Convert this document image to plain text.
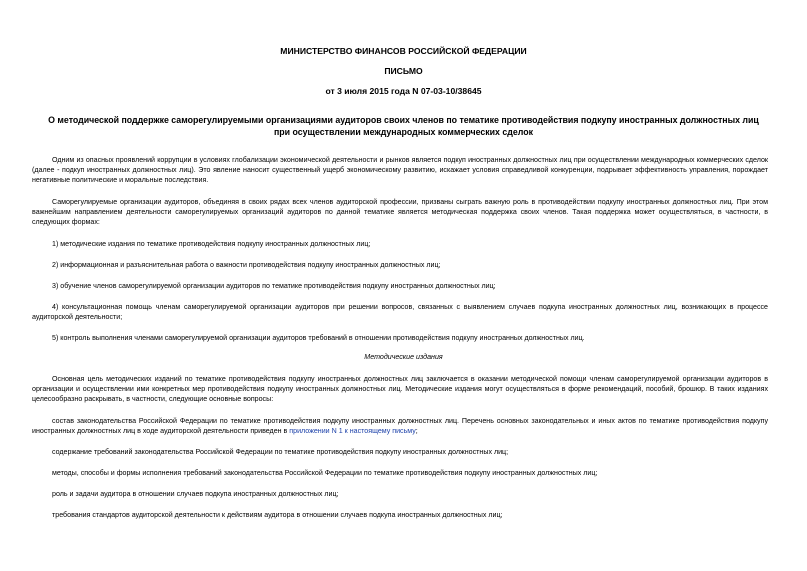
МИНИСТЕРСТВО ФИНАНСОВ РОССИЙСКОЙ ФЕДЕРАЦИИ

ПИСЬМО

от 3 июля 2015 года N 07-03-10/38645

О методической поддержке саморегулируемыми организациями аудиторов своих членов по тематике противодействия подкупу иностранных должностных лиц
при осуществлении международных коммерческих сделок

Одним из опасных проявлений коррупции в условиях глобализации экономической деятельности и рынков является подкуп иностранных должностных лиц при осуществлении международных коммерческих сделок (далее - подкуп иностранных должностных лиц). Это явление наносит существенный ущерб экономическому развитию, искажает условия справедливой конкуренции, подрывает эффективность управления, порождает негативные политические и моральные последствия.

Саморегулируемые организации аудиторов, объединяя в своих рядах всех членов аудиторской профессии, призваны сыграть важную роль в противодействии подкупу иностранных должностных лиц. При этом важнейшим направлением деятельности саморегулируемых организаций аудиторов по данной тематике является методическая поддержка своих членов. Такая поддержка может осуществляться, в частности, в следующих формах:

1) методические издания по тематике противодействия подкупу иностранных должностных лиц;

2) информационная и разъяснительная работа о важности противодействия подкупу иностранных должностных лиц;

3) обучение членов саморегулируемой организации аудиторов по тематике противодействия подкупу иностранных должностных лиц;

4) консультационная помощь членам саморегулируемой организации аудиторов при решении вопросов, связанных с выявлением случаев подкупа иностранных должностных лиц, возникающих в процессе аудиторской деятельности;

5) контроль выполнения членами саморегулируемой организации аудиторов требований в отношении противодействия подкупу иностранных должностных лиц.

Методические издания

Основная цель методических изданий по тематике противодействия подкупу иностранных должностных лиц заключается в оказании методической помощи членам саморегулируемой организации аудиторов в организации и осуществлении ими конкретных мер противодействия подкупу иностранных должностных лиц. Методические издания могут осуществляться в форме рекомендаций, пособий, брошюр. В таких изданиях целесообразно раскрывать, в частности, следующие основные вопросы:

состав законодательства Российской Федерации по тематике противодействия подкупу иностранных должностных лиц. Перечень основных законодательных и иных актов по тематике противодействия подкупу иностранных должностных лиц в ходе аудиторской деятельности приведен в приложении N 1 к настоящему письму;

содержание требований законодательства Российской Федерации по тематике противодействия подкупу иностранных должностных лиц;

методы, способы и формы исполнения требований законодательства Российской Федерации по тематике противодействия подкупу иностранных должностных лиц;

роль и задачи аудитора в отношении случаев подкупа иностранных должностных лиц;

требования стандартов аудиторской деятельности к действиям аудитора в отношении случаев подкупа иностранных должностных лиц;
